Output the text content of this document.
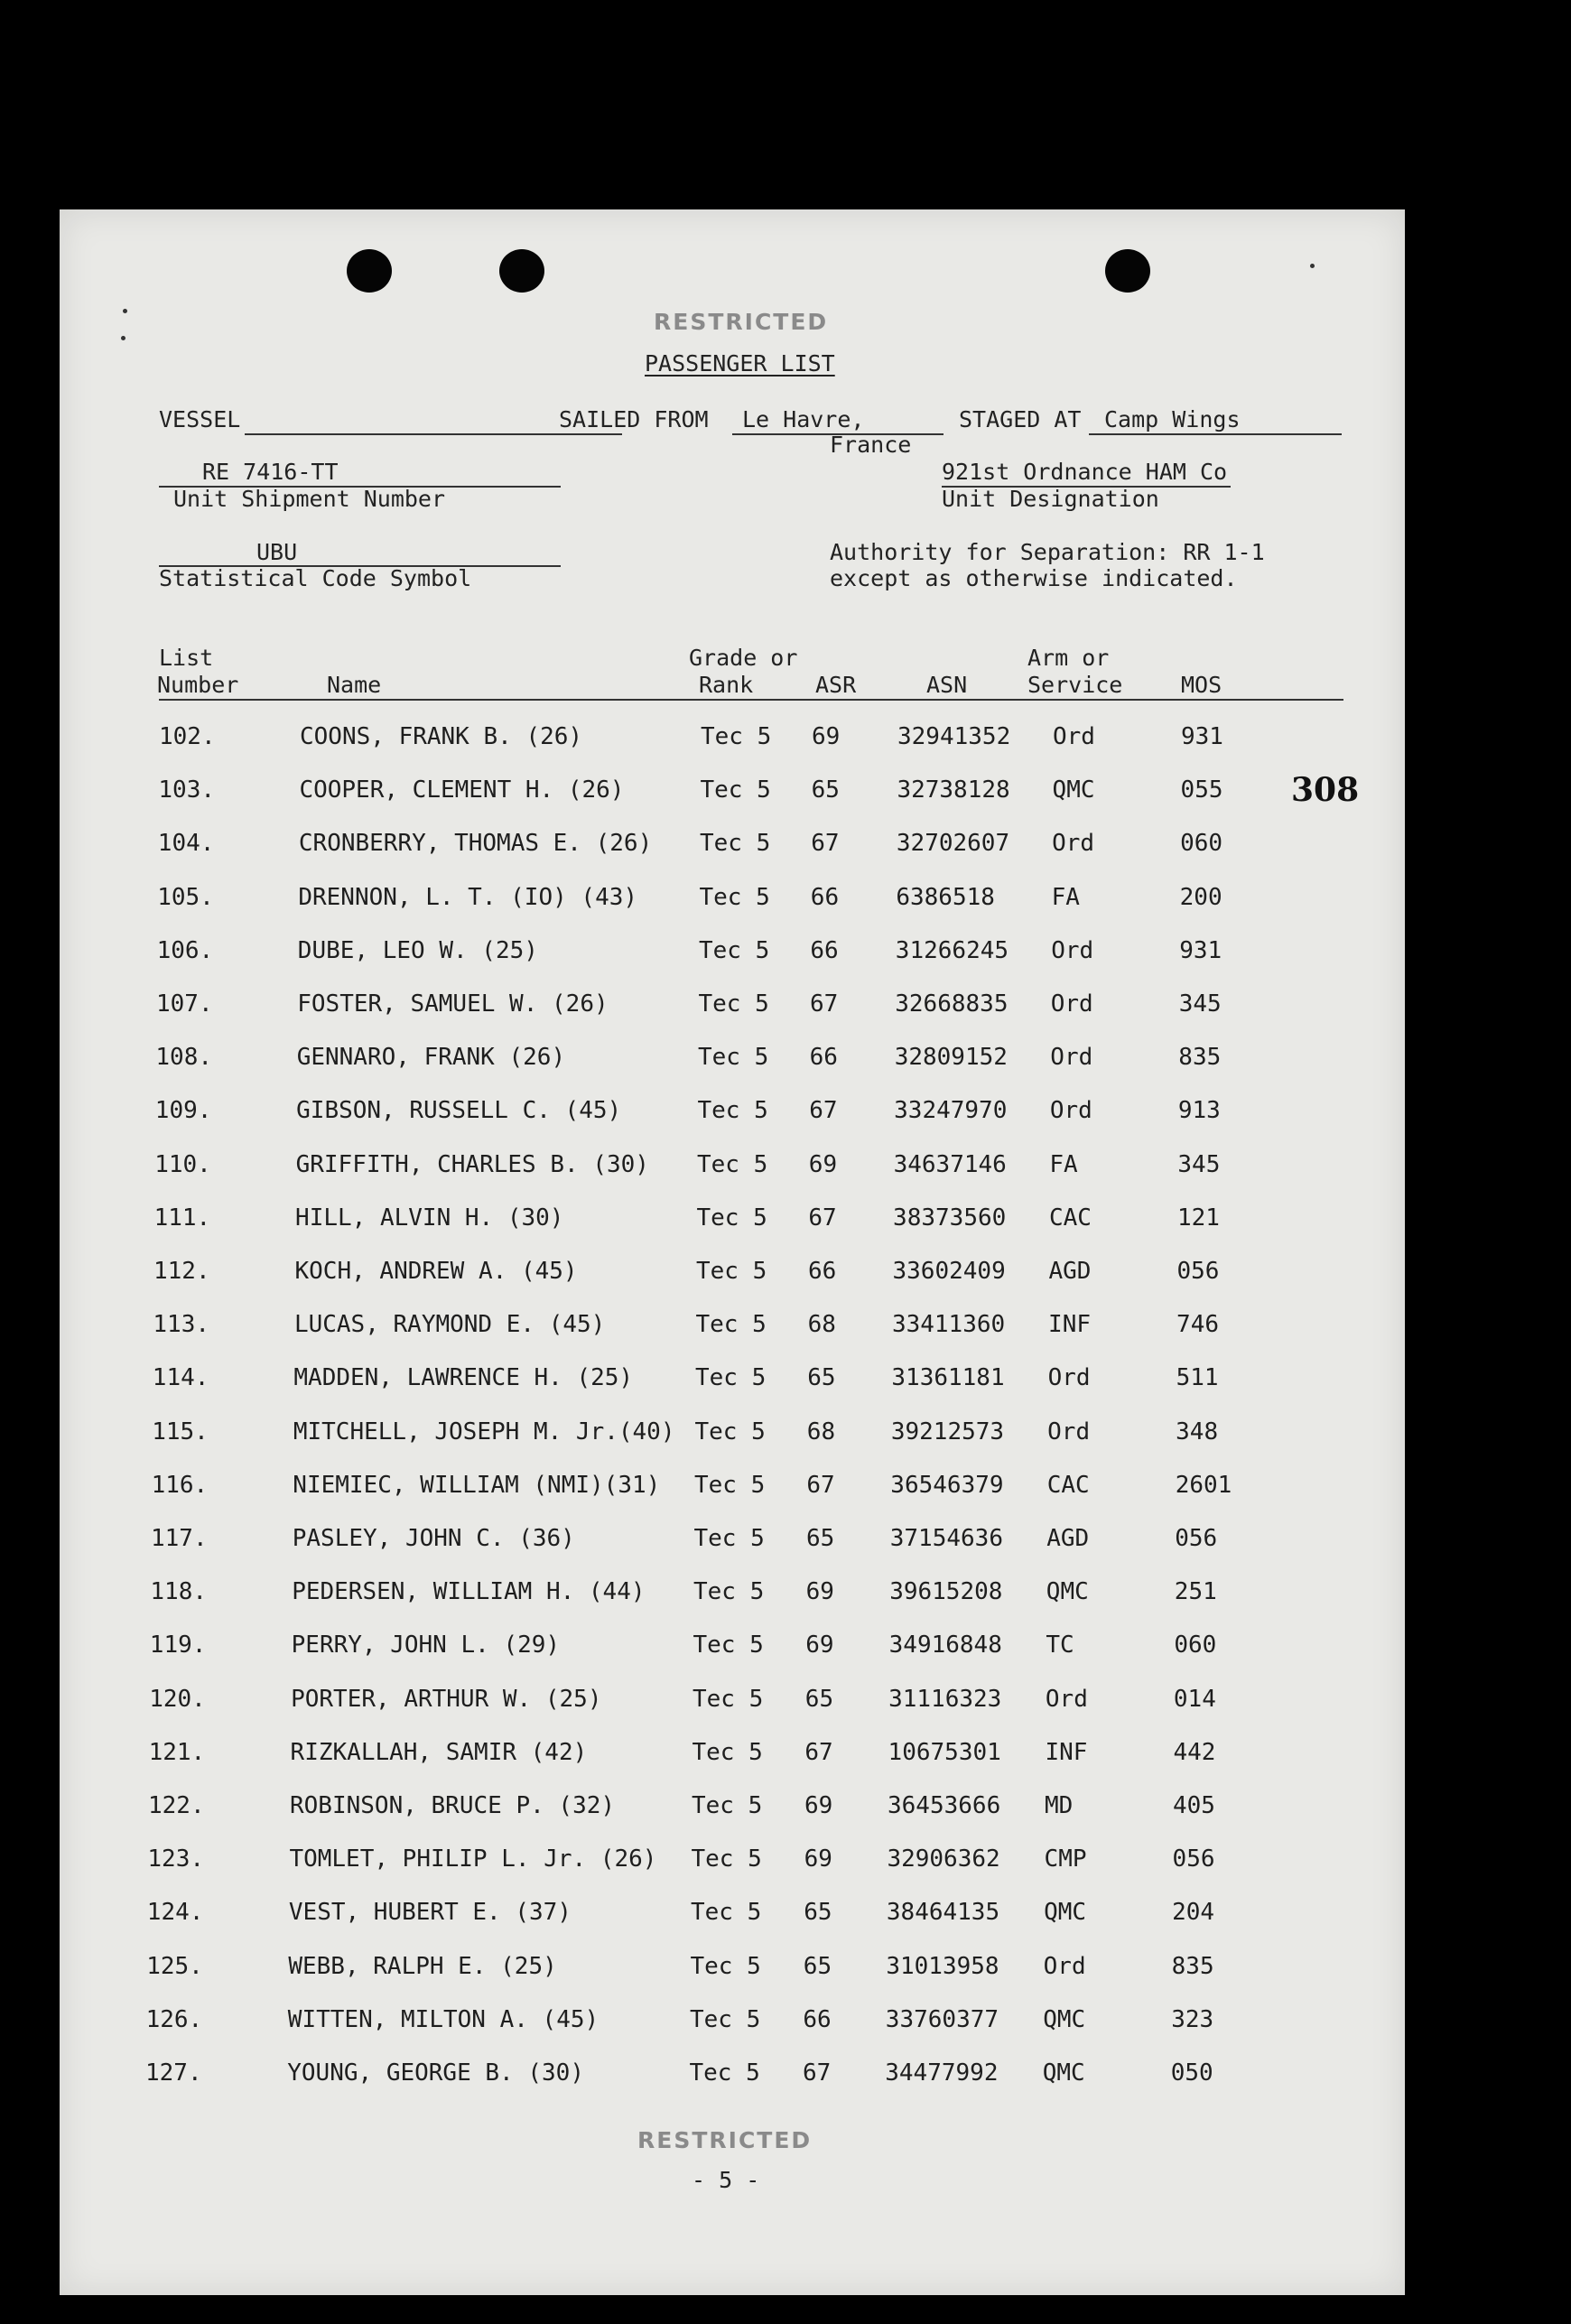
RESTRICTED
PASSENGER LIST
VESSEL	SAILED FROM Le Havre,
France
STAGED AT Camp Wings
RE 7416-TT
Unit Shipment Number
921st Ordnance HAM Co
Unit Designation
UBU
Statistical Code Symbol
Authority for Separation: RR 1-1
except as otherwise indicated.
List
Number	Name
Grade or
Rank	ASR	ASN
Arm or
Service	MOS
308
102.	COONS, FRANK B. (26)	Tec 5 69 32941352 Ord	931
103.	COOPER, CLEMENT H. (26)	Tec 5 65 32738128 QMC	055
104.	CRONBERRY, THOMAS E. (26) Tec 5 67 32702607 Ord	060
105.	DRENNON, L. T. (IO) (43)	Tec 5 66 6386518 FA	200
106.	DUBE, LEO W. (25)	Tec 5 66 31266245 Ord	931
107.	FOSTER, SAMUEL W. (26)	Tec 5 67 32668835 Ord	345
108.	GENNARO, FRANK (26)	Tec 5 66 32809152 Ord	835
109.	GIBSON, RUSSELL C. (45)	Tec 5 67 33247970 Ord	913
110.	GRIFFITH, CHARLES B. (30) Tec 5 69 34637146 FA	345
111.	HILL, ALVIN H. (30)	Tec 5 67 38373560 CAC	121
112.	KOCH, ANDREW A. (45)	Tec 5 66 33602409 AGD	056
113.	LUCAS, RAYMOND E. (45)	Tec 5 68 33411360 INF	746
114.	MADDEN, LAWRENCE H. (25)	Tec 5 65 31361181 Ord	511
115.	MITCHELL, JOSEPH M. Jr.(40) Tec 5 68 39212573 Ord	348
116.	NIEMIEC, WILLIAM (NMI)(31) Tec 5 67 36546379 CAC	2601
117.	PASLEY, JOHN C. (36)	Tec 5 65 37154636 AGD	056
118.	PEDERSEN, WILLIAM H. (44) Tec 5 69 39615208 QMC	251
119.	PERRY, JOHN L. (29)	Tec 5 69 34916848 TC	060
120.	PORTER, ARTHUR W. (25)	Tec 5 65 31116323 Ord	014
121.	RIZKALLAH, SAMIR (42)	Tec 5 67 10675301 INF	442
122.	ROBINSON, BRUCE P. (32)	Tec 5 69 36453666 MD	405
123.	TOMLET, PHILIP L. Jr. (26) Tec 5 69 32906362 CMP	056
124.	VEST, HUBERT E. (37)	Tec 5 65 38464135 QMC	204
125.	WEBB, RALPH E. (25)	Tec 5 65 31013958 Ord	835
126.	WITTEN, MILTON A. (45)	Tec 5 66 33760377 QMC	323
127.	YOUNG, GEORGE B. (30)	Tec 5 67 34477992 QMC	050
RESTRICTED
- 5 -
